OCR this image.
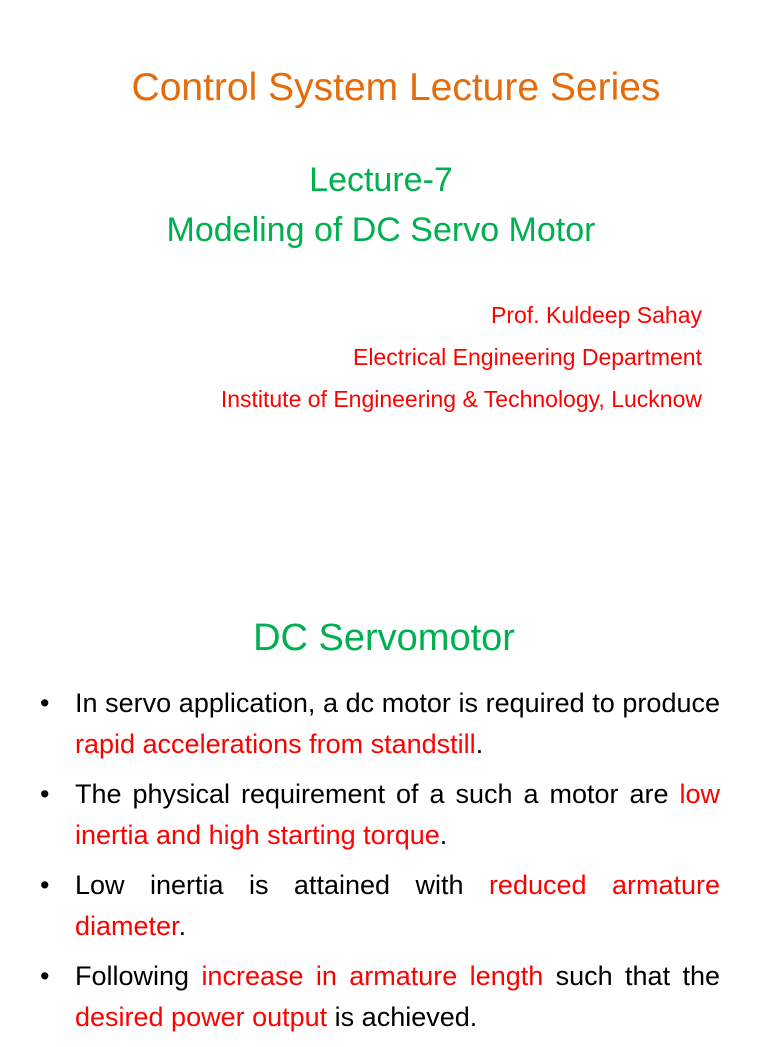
Control System Lecture Series
Lecture-7
Modeling of DC Servo Motor
Prof. Kuldeep Sahay
Electrical Engineering Department
Institute of Engineering & Technology, Lucknow
DC Servomotor
• In servo application, a dc motor is required to produce rapid accelerations from standstill.
• The physical requirement of a such a motor are low inertia and high starting torque.
• Low inertia is attained with reduced armature diameter.
• Following increase in armature length such that the desired power output is achieved.
